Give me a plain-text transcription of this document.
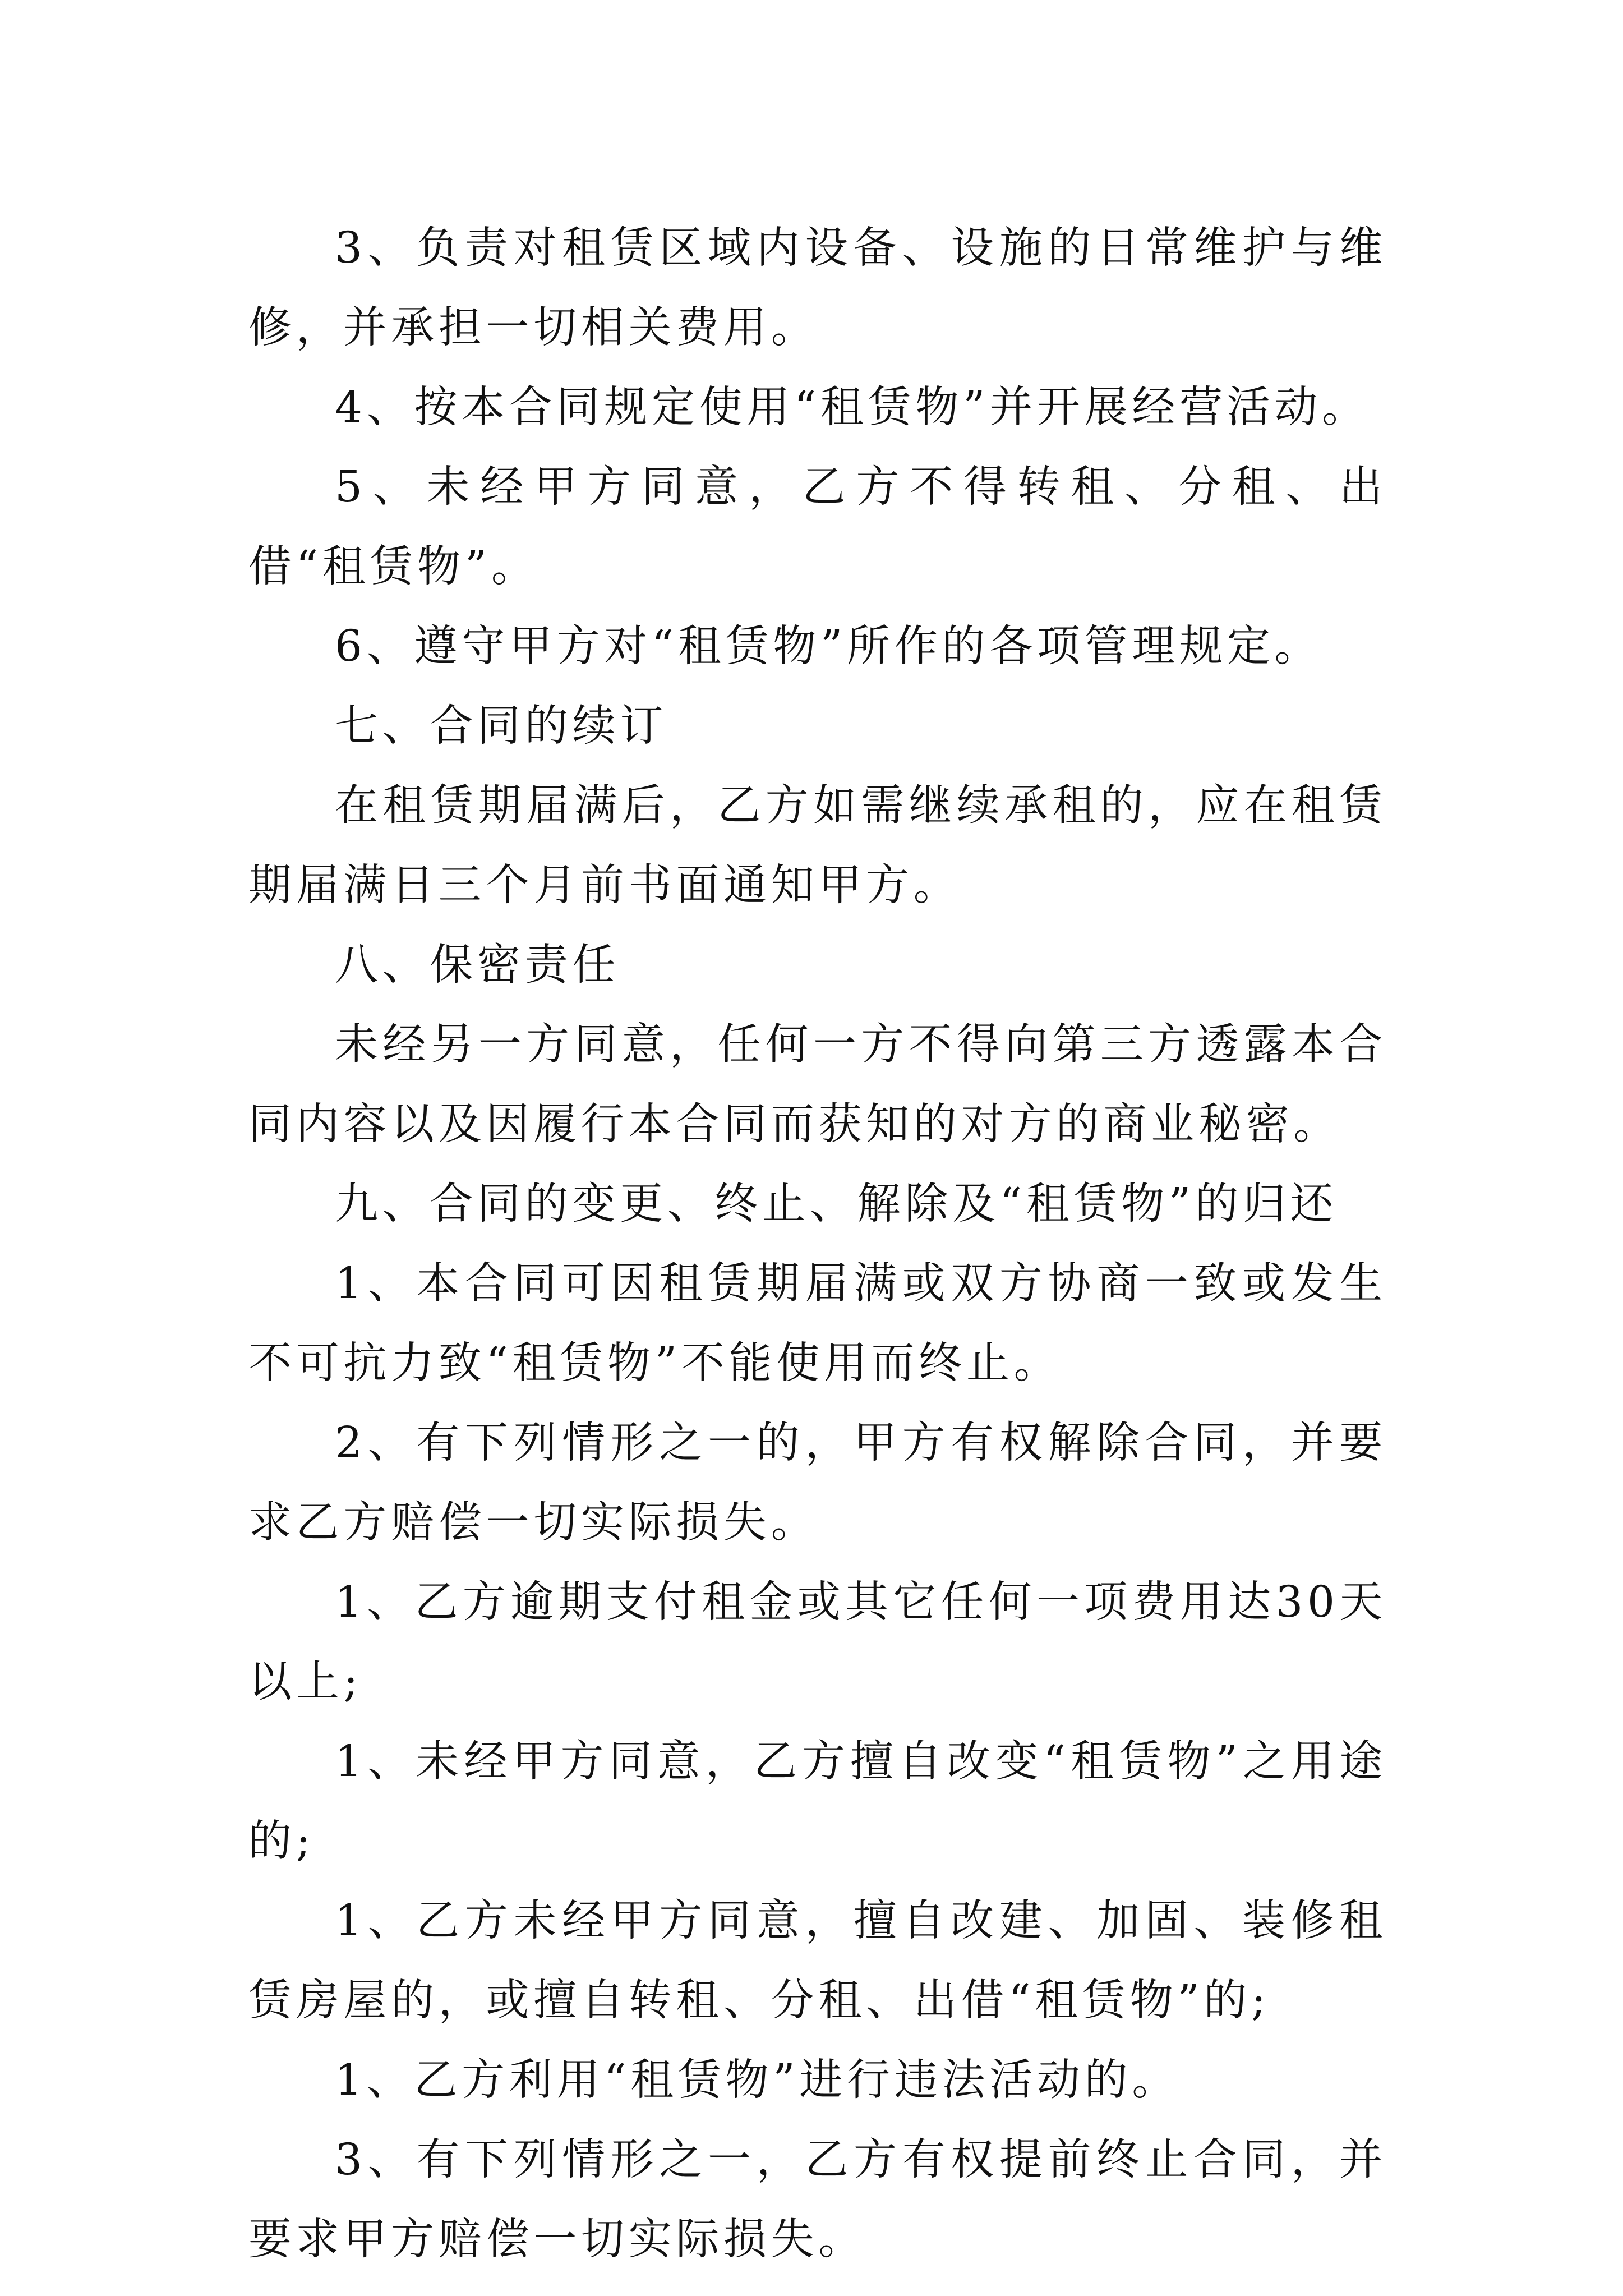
3、负责对租赁区域内设备、设施的日常维护与维修，并承担一切相关费用。

4、按本合同规定使用“租赁物”并开展经营活动。

5、未经甲方同意，乙方不得转租、分租、出借“租赁物”。

6、遵守甲方对“租赁物”所作的各项管理规定。

七、合同的续订

在租赁期届满后，乙方如需继续承租的，应在租赁期届满日三个月前书面通知甲方。

八、保密责任

未经另一方同意，任何一方不得向第三方透露本合同内容以及因履行本合同而获知的对方的商业秘密。

九、合同的变更、终止、解除及“租赁物”的归还

1、本合同可因租赁期届满或双方协商一致或发生不可抗力致“租赁物”不能使用而终止。

2、有下列情形之一的，甲方有权解除合同，并要求乙方赔偿一切实际损失。

1、乙方逾期支付租金或其它任何一项费用达30天以上;

1、未经甲方同意，乙方擅自改变“租赁物”之用途的;

1、乙方未经甲方同意，擅自改建、加固、装修租赁房屋的，或擅自转租、分租、出借“租赁物”的;

1、乙方利用“租赁物”进行违法活动的。

3、有下列情形之一，乙方有权提前终止合同，并要求甲方赔偿一切实际损失。
